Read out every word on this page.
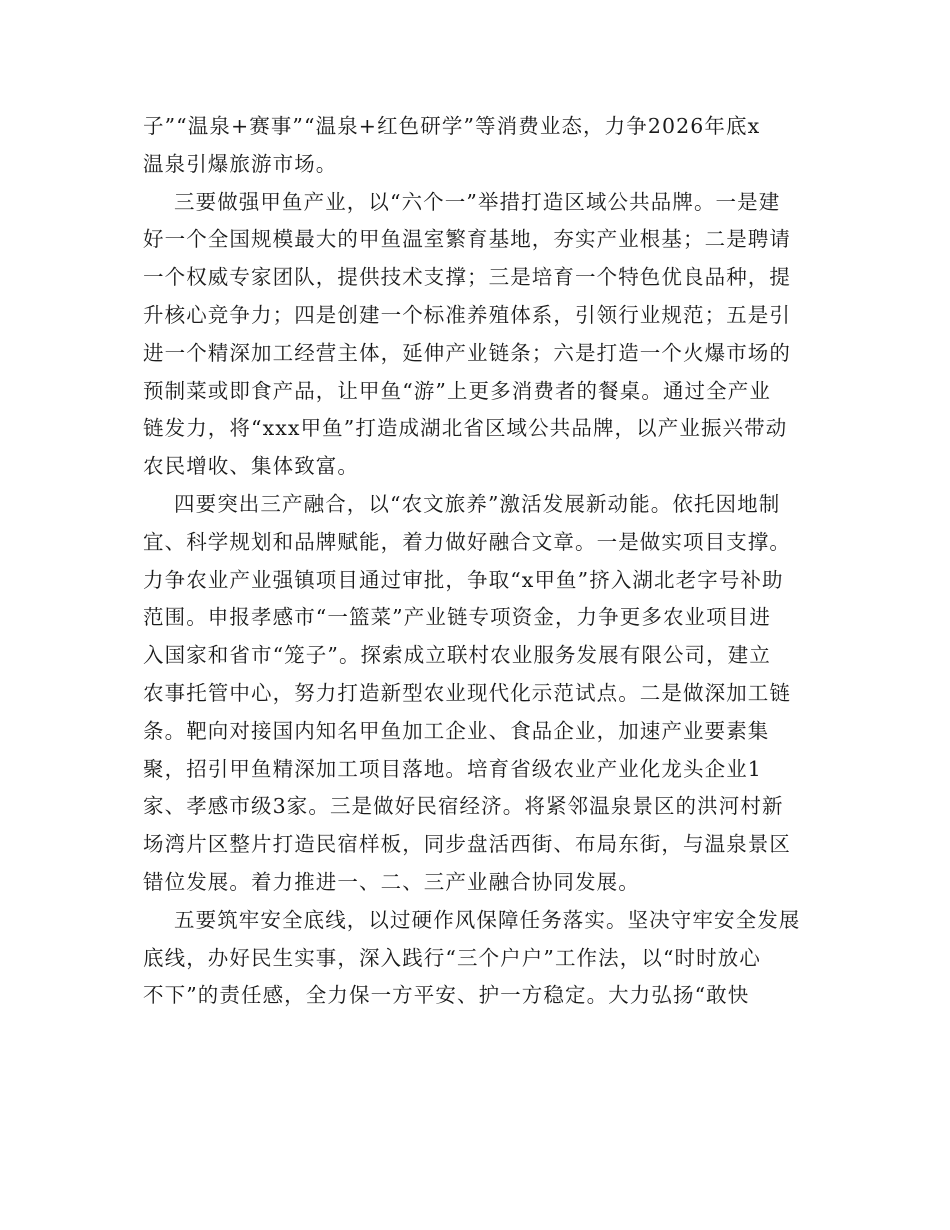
子”“温泉+赛事”“温泉+红色研学”等消费业态，力争2026年底x
温泉引爆旅游市场。
三要做强甲鱼产业，以“六个一”举措打造区域公共品牌。一是建
好一个全国规模最大的甲鱼温室繁育基地，夯实产业根基；二是聘请
一个权威专家团队，提供技术支撑；三是培育一个特色优良品种，提
升核心竞争力；四是创建一个标准养殖体系，引领行业规范；五是引
进一个精深加工经营主体，延伸产业链条；六是打造一个火爆市场的
预制菜或即食产品，让甲鱼“游”上更多消费者的餐桌。通过全产业
链发力，将“xxx甲鱼”打造成湖北省区域公共品牌，以产业振兴带动
农民增收、集体致富。
四要突出三产融合，以“农文旅养”激活发展新动能。依托因地制
宜、科学规划和品牌赋能，着力做好融合文章。一是做实项目支撑。
力争农业产业强镇项目通过审批，争取“x甲鱼”挤入湖北老字号补助
范围。申报孝感市“一篮菜”产业链专项资金，力争更多农业项目进
入国家和省市“笼子”。探索成立联村农业服务发展有限公司，建立
农事托管中心，努力打造新型农业现代化示范试点。二是做深加工链
条。靶向对接国内知名甲鱼加工企业、食品企业，加速产业要素集
聚，招引甲鱼精深加工项目落地。培育省级农业产业化龙头企业1
家、孝感市级3家。三是做好民宿经济。将紧邻温泉景区的洪河村新
场湾片区整片打造民宿样板，同步盘活西街、布局东街，与温泉景区
错位发展。着力推进一、二、三产业融合协同发展。
五要筑牢安全底线，以过硬作风保障任务落实。坚决守牢安全发展
底线，办好民生实事，深入践行“三个户户”工作法，以“时时放心
不下”的责任感，全力保一方平安、护一方稳定。大力弘扬“敢快
